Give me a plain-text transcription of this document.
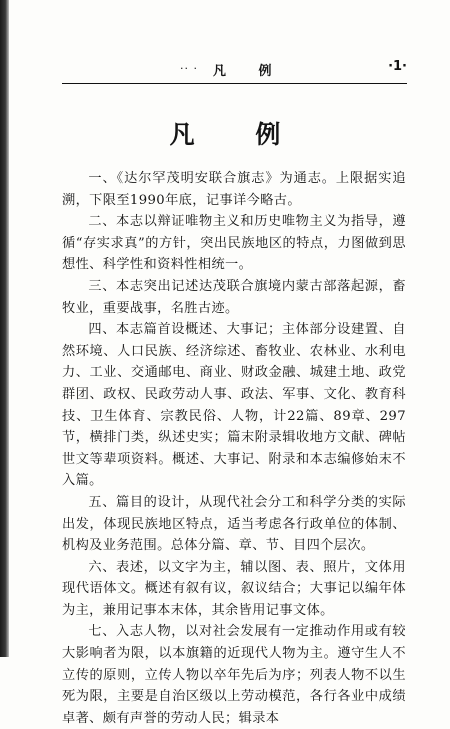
·· · 凡 例	·1·
凡 例

一、《达尔罕茂明安联合旗志》为通志。上限据实追溯，下限至1990年底，记事详今略古。

二、本志以辩证唯物主义和历史唯物主义为指导，遵循“存实求真”的方针，突出民族地区的特点，力图做到思想性、科学性和资料性相统一。

三、本志突出记述达茂联合旗境内蒙古部落起源，畜牧业，重要战事，名胜古迹。

四、本志篇首设概述、大事记；主体部分设建置、自然环境、人口民族、经济综述、畜牧业、农林业、水利电力、工业、交通邮电、商业、财政金融、城建土地、政党群团、政权、民政劳动人事、政法、军事、文化、教育科技、卫生体育、宗教民俗、人物，计22篇、89章、297节，横排门类，纵述史实；篇末附录辑收地方文献、碑帖世文等辈项资料。概述、大事记、附录和本志编修始末不入篇。

五、篇目的设计，从现代社会分工和科学分类的实际出发，体现民族地区特点，适当考虑各行政单位的体制、机构及业务范围。总体分篇、章、节、目四个层次。

六、表述，以文字为主，辅以图、表、照片，文体用现代语体文。概述有叙有议，叙议结合；大事记以编年体为主，兼用记事本末体，其余皆用记事文体。

七、入志人物，以对社会发展有一定推动作用或有较大影响者为限，以本旗籍的近现代人物为主。遵守生人不立传的原则，立传人物以卒年先后为序；列表人物不以生死为限，主要是自治区级以上劳动模范，各行各业中成绩卓著、颇有声誉的劳动人民；辑录本
